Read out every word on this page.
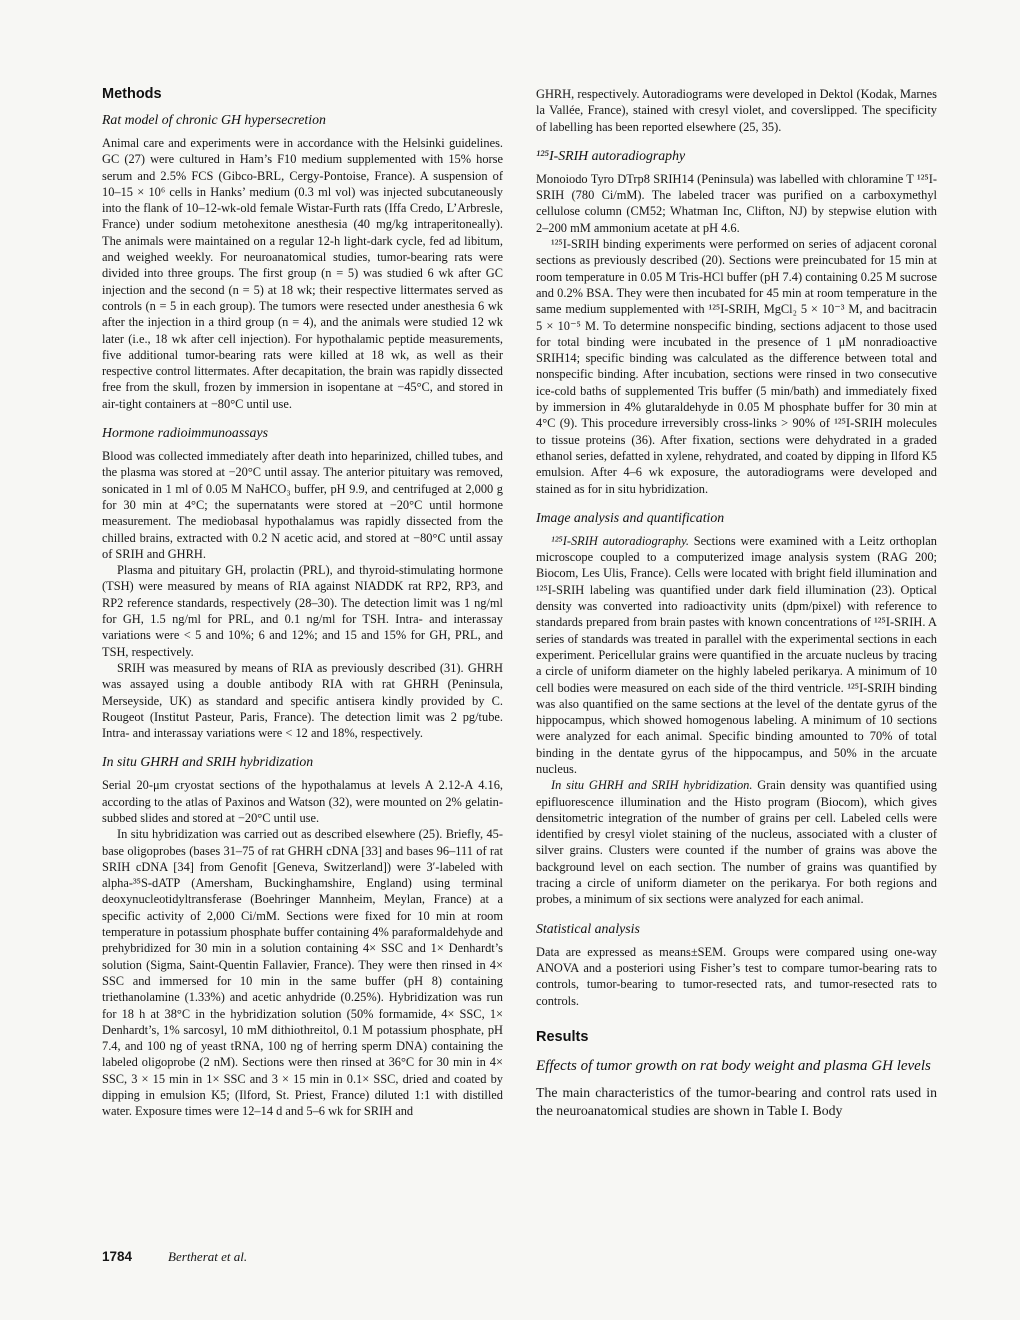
Methods
Rat model of chronic GH hypersecretion

Animal care and experiments were in accordance with the Helsinki guidelines. GC (27) were cultured in Ham’s F10 medium supplemented with 15% horse serum and 2.5% FCS (Gibco-BRL, Cergy-Pontoise, France). A suspension of 10–15 × 10⁶ cells in Hanks’ medium (0.3 ml vol) was injected subcutaneously into the flank of 10–12-wk-old female Wistar-Furth rats (Iffa Credo, L’Arbresle, France) under sodium metohexitone anesthesia (40 mg/kg intraperitoneally). The animals were maintained on a regular 12-h light-dark cycle, fed ad libitum, and weighed weekly. For neuroanatomical studies, tumor-bearing rats were divided into three groups. The first group (n = 5) was studied 6 wk after GC injection and the second (n = 5) at 18 wk; their respective littermates served as controls (n = 5 in each group). The tumors were resected under anesthesia 6 wk after the injection in a third group (n = 4), and the animals were studied 12 wk later (i.e., 18 wk after cell injection). For hypothalamic peptide measurements, five additional tumor-bearing rats were killed at 18 wk, as well as their respective control littermates. After decapitation, the brain was rapidly dissected free from the skull, frozen by immersion in isopentane at −45°C, and stored in air-tight containers at −80°C until use.

Hormone radioimmunoassays

Blood was collected immediately after death into heparinized, chilled tubes, and the plasma was stored at −20°C until assay. The anterior pituitary was removed, sonicated in 1 ml of 0.05 M NaHCO₃ buffer, pH 9.9, and centrifuged at 2,000 g for 30 min at 4°C; the supernatants were stored at −20°C until hormone measurement. The mediobasal hypothalamus was rapidly dissected from the chilled brains, extracted with 0.2 N acetic acid, and stored at −80°C until assay of SRIH and GHRH.

Plasma and pituitary GH, prolactin (PRL), and thyroid-stimulating hormone (TSH) were measured by means of RIA against NIADDK rat RP2, RP3, and RP2 reference standards, respectively (28–30). The detection limit was 1 ng/ml for GH, 1.5 ng/ml for PRL, and 0.1 ng/ml for TSH. Intra- and interassay variations were < 5 and 10%; 6 and 12%; and 15 and 15% for GH, PRL, and TSH, respectively.

SRIH was measured by means of RIA as previously described (31). GHRH was assayed using a double antibody RIA with rat GHRH (Peninsula, Merseyside, UK) as standard and specific antisera kindly provided by C. Rougeot (Institut Pasteur, Paris, France). The detection limit was 2 pg/tube. Intra- and interassay variations were < 12 and 18%, respectively.

In situ GHRH and SRIH hybridization

Serial 20-μm cryostat sections of the hypothalamus at levels A 2.12-A 4.16, according to the atlas of Paxinos and Watson (32), were mounted on 2% gelatin-subbed slides and stored at −20°C until use.

In situ hybridization was carried out as described elsewhere (25). Briefly, 45-base oligoprobes (bases 31–75 of rat GHRH cDNA [33] and bases 96–111 of rat SRIH cDNA [34] from Genofit [Geneva, Switzerland]) were 3′-labeled with alpha-³⁵S-dATP (Amersham, Buckinghamshire, England) using terminal deoxynucleotidyltransferase (Boehringer Mannheim, Meylan, France) at a specific activity of 2,000 Ci/mM. Sections were fixed for 10 min at room temperature in potassium phosphate buffer containing 4% paraformaldehyde and prehybridized for 30 min in a solution containing 4× SSC and 1× Denhardt’s solution (Sigma, Saint-Quentin Fallavier, France). They were then rinsed in 4× SSC and immersed for 10 min in the same buffer (pH 8) containing triethanolamine (1.33%) and acetic anhydride (0.25%). Hybridization was run for 18 h at 38°C in the hybridization solution (50% formamide, 4× SSC, 1× Denhardt’s, 1% sarcosyl, 10 mM dithiothreitol, 0.1 M potassium phosphate, pH 7.4, and 100 ng of yeast tRNA, 100 ng of herring sperm DNA) containing the labeled oligoprobe (2 nM). Sections were then rinsed at 36°C for 30 min in 4× SSC, 3 × 15 min in 1× SSC and 3 × 15 min in 0.1× SSC, dried and coated by dipping in emulsion K5; (Ilford, St. Priest, France) diluted 1:1 with distilled water. Exposure times were 12–14 d and 5–6 wk for SRIH and

GHRH, respectively. Autoradiograms were developed in Dektol (Kodak, Marnes la Vallée, France), stained with cresyl violet, and coverslipped. The specificity of labelling has been reported elsewhere (25, 35).

¹²⁵I-SRIH autoradiography

Monoiodo Tyro DTrp8 SRIH14 (Peninsula) was labelled with chloramine T ¹²⁵I-SRIH (780 Ci/mM). The labeled tracer was purified on a carboxymethyl cellulose column (CM52; Whatman Inc, Clifton, NJ) by stepwise elution with 2–200 mM ammonium acetate at pH 4.6.

¹²⁵I-SRIH binding experiments were performed on series of adjacent coronal sections as previously described (20). Sections were preincubated for 15 min at room temperature in 0.05 M Tris-HCl buffer (pH 7.4) containing 0.25 M sucrose and 0.2% BSA. They were then incubated for 45 min at room temperature in the same medium supplemented with ¹²⁵I-SRIH, MgCl₂ 5 × 10⁻³ M, and bacitracin 5 × 10⁻⁵ M. To determine nonspecific binding, sections adjacent to those used for total binding were incubated in the presence of 1 μM nonradioactive SRIH14; specific binding was calculated as the difference between total and nonspecific binding. After incubation, sections were rinsed in two consecutive ice-cold baths of supplemented Tris buffer (5 min/bath) and immediately fixed by immersion in 4% glutaraldehyde in 0.05 M phosphate buffer for 30 min at 4°C (9). This procedure irreversibly cross-links > 90% of ¹²⁵I-SRIH molecules to tissue proteins (36). After fixation, sections were dehydrated in a graded ethanol series, defatted in xylene, rehydrated, and coated by dipping in Ilford K5 emulsion. After 4–6 wk exposure, the autoradiograms were developed and stained as for in situ hybridization.

Image analysis and quantification

¹²⁵I-SRIH autoradiography. Sections were examined with a Leitz orthoplan microscope coupled to a computerized image analysis system (RAG 200; Biocom, Les Ulis, France). Cells were located with bright field illumination and ¹²⁵I-SRIH labeling was quantified under dark field illumination (23). Optical density was converted into radioactivity units (dpm/pixel) with reference to standards prepared from brain pastes with known concentrations of ¹²⁵I-SRIH. A series of standards was treated in parallel with the experimental sections in each experiment. Pericellular grains were quantified in the arcuate nucleus by tracing a circle of uniform diameter on the highly labeled perikarya. A minimum of 10 cell bodies were measured on each side of the third ventricle. ¹²⁵I-SRIH binding was also quantified on the same sections at the level of the dentate gyrus of the hippocampus, which showed homogenous labeling. A minimum of 10 sections were analyzed for each animal. Specific binding amounted to 70% of total binding in the dentate gyrus of the hippocampus, and 50% in the arcuate nucleus.

In situ GHRH and SRIH hybridization. Grain density was quantified using epifluorescence illumination and the Histo program (Biocom), which gives densitometric integration of the number of grains per cell. Labeled cells were identified by cresyl violet staining of the nucleus, associated with a cluster of silver grains. Clusters were counted if the number of grains was above the background level on each section. The number of grains was quantified by tracing a circle of uniform diameter on the perikarya. For both regions and probes, a minimum of six sections were analyzed for each animal.

Statistical analysis

Data are expressed as means±SEM. Groups were compared using one-way ANOVA and a posteriori using Fisher’s test to compare tumor-bearing rats to controls, tumor-bearing to tumor-resected rats, and tumor-resected rats to controls.

Results
Effects of tumor growth on rat body weight and plasma GH levels

The main characteristics of the tumor-bearing and control rats used in the neuroanatomical studies are shown in Table I. Body

1784	Bertherat et al.
